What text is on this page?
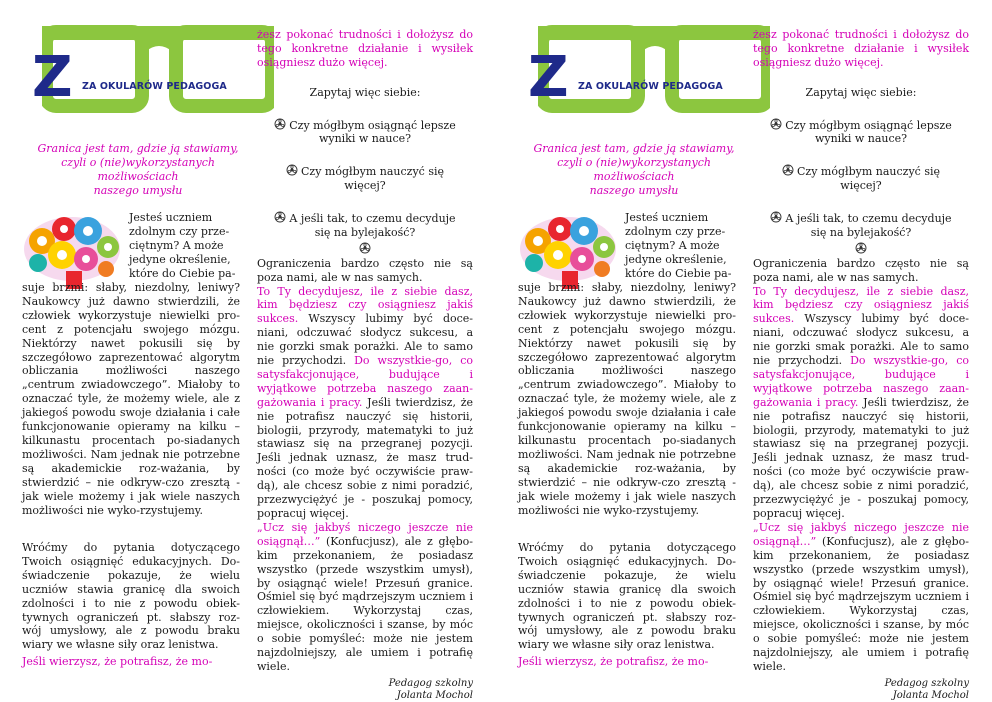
Z ZA OKULARÓW PEDAGOGA
Granica jest tam, gdzie ją stawiamy,
czyli o (nie)wykorzystanych
możliwościach
naszego umysłu
Jesteś uczniem
zdolnym czy prze-
ciętnym? A może
jedyne określenie,
które do Ciebie pa-
suje brzmi: słaby, niezdolny, leniwy? Naukowcy już dawno stwierdzili, że człowiek wykorzystuje niewielki pro-cent z potencjału swojego mózgu. Niektórzy nawet pokusili się by szczegółowo zaprezentować algorytm obliczania możliwości naszego „centrum zwiadowczego”. Miałoby to oznaczać tyle, że możemy wiele, ale z jakiegoś powodu swoje działania i całe funkcjonowanie opieramy na kilku – kilkunastu procentach po-siadanych możliwości. Nam jednak nie potrzebne są akademickie roz-ważania, by stwierdzić – nie odkryw-czo zresztą - jak wiele możemy i jak wiele naszych możliwości nie wyko-rzystujemy.
Wróćmy do pytania dotyczącego Twoich osiągnięć edukacyjnych. Do-świadczenie pokazuje, że wielu uczniów stawia granicę dla swoich zdolności i to nie z powodu obiek-tywnych ograniczeń pt. słabszy roz-wój umysłowy, ale z powodu braku wiary we własne siły oraz lenistwa.
Jeśli wierzysz, że potrafisz, że mo-
żesz pokonać trudności i dołożysz do tego konkretne działanie i wysiłek osiągniesz dużo więcej.
Zapytaj więc siebie:

Czy mógłbym osiągnąć lepsze
wyniki w nauce?

Czy mógłbym nauczyć się
więcej?

A jeśli tak, to czemu decyduje
się na bylejakość?

Ograniczenia bardzo często nie są poza nami, ale w nas samych.
To Ty decydujesz, ile z siebie dasz, kim będziesz czy osiągniesz jakiś sukces. Wszyscy lubimy być doce-niani, odczuwać słodycz sukcesu, a nie gorzki smak porażki. Ale to samo nie przychodzi. Do wszystkie-go, co satysfakcjonujące, budujące i wyjątkowe potrzeba naszego zaan-gażowania i pracy. Jeśli twierdzisz, że nie potrafisz nauczyć się historii, biologii, przyrody, matematyki to już stawiasz się na przegranej pozycji. Jeśli jednak uznasz, że masz trud-ności (co może być oczywiście praw-dą), ale chcesz sobie z nimi poradzić, przezwyciężyć je - poszukaj pomocy, popracuj więcej.
„Ucz się jakbyś niczego jeszcze nie osiągnął…” (Konfucjusz), ale z głębo-kim przekonaniem, że posiadasz wszystko (przede wszystkim umysł), by osiągnąć wiele! Przesuń granice. Ośmiel się być mądrzejszym uczniem i człowiekiem. Wykorzystaj czas, miejsce, okoliczności i szanse, by móc o sobie pomyśleć: może nie jestem najzdolniejszy, ale umiem i potrafię wiele.
Pedagog szkolny
Jolanta Mochol
Z ZA OKULARÓW PEDAGOGA
Granica jest tam, gdzie ją stawiamy,
czyli o (nie)wykorzystanych
możliwościach
naszego umysłu
Jesteś uczniem
zdolnym czy prze-
ciętnym? A może
jedyne określenie,
które do Ciebie pa-
suje brzmi: słaby, niezdolny, leniwy? Naukowcy już dawno stwierdzili, że człowiek wykorzystuje niewielki pro-cent z potencjału swojego mózgu. Niektórzy nawet pokusili się by szczegółowo zaprezentować algorytm obliczania możliwości naszego „centrum zwiadowczego”. Miałoby to oznaczać tyle, że możemy wiele, ale z jakiegoś powodu swoje działania i całe funkcjonowanie opieramy na kilku – kilkunastu procentach po-siadanych możliwości. Nam jednak nie potrzebne są akademickie roz-ważania, by stwierdzić – nie odkryw-czo zresztą - jak wiele możemy i jak wiele naszych możliwości nie wyko-rzystujemy.
Wróćmy do pytania dotyczącego Twoich osiągnięć edukacyjnych. Do-świadczenie pokazuje, że wielu uczniów stawia granicę dla swoich zdolności i to nie z powodu obiek-tywnych ograniczeń pt. słabszy roz-wój umysłowy, ale z powodu braku wiary we własne siły oraz lenistwa.
Jeśli wierzysz, że potrafisz, że mo-
żesz pokonać trudności i dołożysz do tego konkretne działanie i wysiłek osiągniesz dużo więcej.
Zapytaj więc siebie:

Czy mógłbym osiągnąć lepsze
wyniki w nauce?

Czy mógłbym nauczyć się
więcej?

A jeśli tak, to czemu decyduje
się na bylejakość?

Ograniczenia bardzo często nie są poza nami, ale w nas samych.
To Ty decydujesz, ile z siebie dasz, kim będziesz czy osiągniesz jakiś sukces. Wszyscy lubimy być doce-niani, odczuwać słodycz sukcesu, a nie gorzki smak porażki. Ale to samo nie przychodzi. Do wszystkie-go, co satysfakcjonujące, budujące i wyjątkowe potrzeba naszego zaan-gażowania i pracy. Jeśli twierdzisz, że nie potrafisz nauczyć się historii, biologii, przyrody, matematyki to już stawiasz się na przegranej pozycji. Jeśli jednak uznasz, że masz trud-ności (co może być oczywiście praw-dą), ale chcesz sobie z nimi poradzić, przezwyciężyć je - poszukaj pomocy, popracuj więcej.
„Ucz się jakbyś niczego jeszcze nie osiągnął…” (Konfucjusz), ale z głębo-kim przekonaniem, że posiadasz wszystko (przede wszystkim umysł), by osiągnąć wiele! Przesuń granice. Ośmiel się być mądrzejszym uczniem i człowiekiem. Wykorzystaj czas, miejsce, okoliczności i szanse, by móc o sobie pomyśleć: może nie jestem najzdolniejszy, ale umiem i potrafię wiele.
Pedagog szkolny
Jolanta Mochol
